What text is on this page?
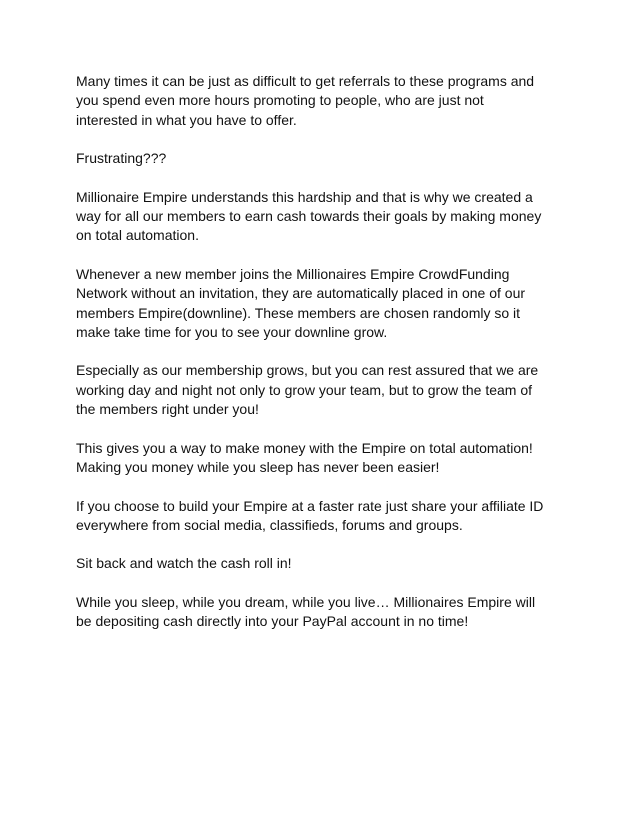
Many times it can be just as difficult to get referrals to these programs and
you spend even more hours promoting to people, who are just not
interested in what you have to offer.

Frustrating???

Millionaire Empire understands this hardship and that is why we created a
way for all our members to earn cash towards their goals by making money
on total automation.

Whenever a new member joins the Millionaires Empire CrowdFunding
Network without an invitation, they are automatically placed in one of our
members Empire(downline). These members are chosen randomly so it
make take time for you to see your downline grow.

Especially as our membership grows, but you can rest assured that we are
working day and night not only to grow your team, but to grow the team of
the members right under you!

This gives you a way to make money with the Empire on total automation!
Making you money while you sleep has never been easier!

If you choose to build your Empire at a faster rate just share your affiliate ID
everywhere from social media, classifieds, forums and groups.

Sit back and watch the cash roll in!

While you sleep, while you dream, while you live… Millionaires Empire will
be depositing cash directly into your PayPal account in no time!
